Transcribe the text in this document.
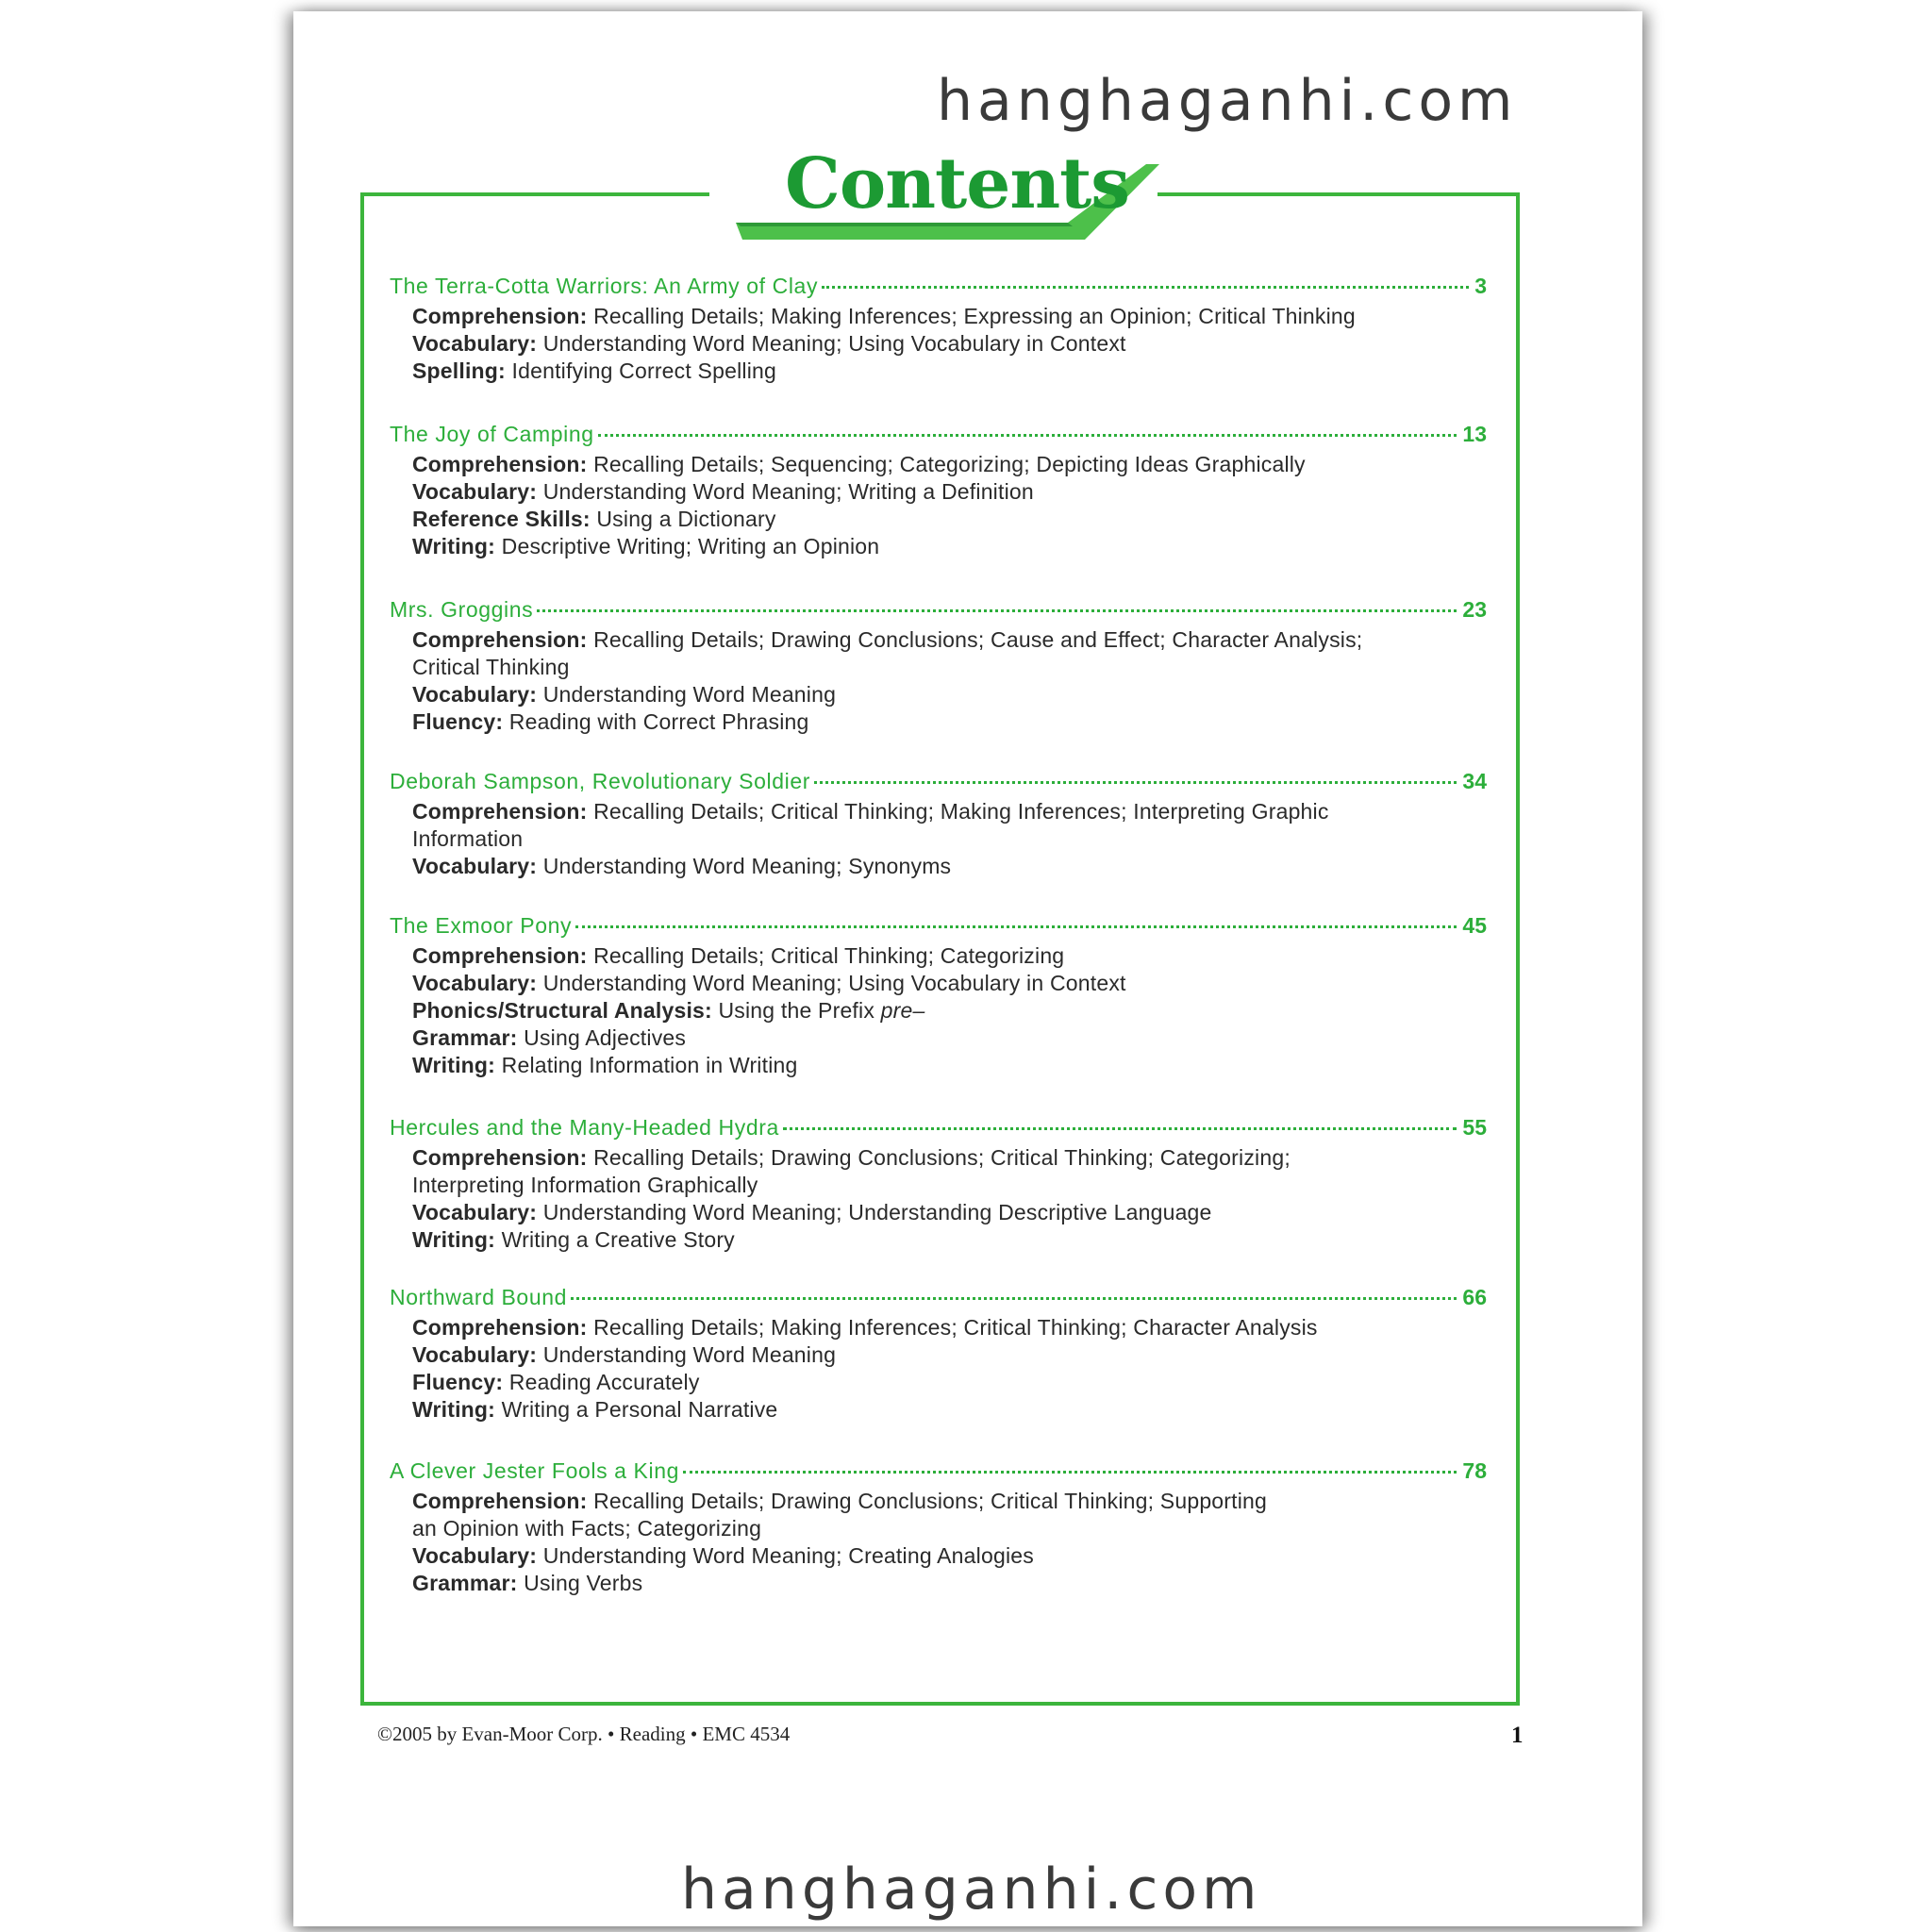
hanghaganhi.com
Contents
The Terra-Cotta Warriors: An Army of Clay	3
Comprehension: Recalling Details; Making Inferences; Expressing an Opinion; Critical Thinking
Vocabulary: Understanding Word Meaning; Using Vocabulary in Context
Spelling: Identifying Correct Spelling
The Joy of Camping	13
Comprehension: Recalling Details; Sequencing; Categorizing; Depicting Ideas Graphically
Vocabulary: Understanding Word Meaning; Writing a Definition
Reference Skills: Using a Dictionary
Writing: Descriptive Writing; Writing an Opinion
Mrs. Groggins	23
Comprehension: Recalling Details; Drawing Conclusions; Cause and Effect; Character Analysis;
Critical Thinking
Vocabulary: Understanding Word Meaning
Fluency: Reading with Correct Phrasing
Deborah Sampson, Revolutionary Soldier	34
Comprehension: Recalling Details; Critical Thinking; Making Inferences; Interpreting Graphic
Information
Vocabulary: Understanding Word Meaning; Synonyms
The Exmoor Pony	45
Comprehension: Recalling Details; Critical Thinking; Categorizing
Vocabulary: Understanding Word Meaning; Using Vocabulary in Context
Phonics/Structural Analysis: Using the Prefix pre–
Grammar: Using Adjectives
Writing: Relating Information in Writing
Hercules and the Many-Headed Hydra	55
Comprehension: Recalling Details; Drawing Conclusions; Critical Thinking; Categorizing;
Interpreting Information Graphically
Vocabulary: Understanding Word Meaning; Understanding Descriptive Language
Writing: Writing a Creative Story
Northward Bound	66
Comprehension: Recalling Details; Making Inferences; Critical Thinking; Character Analysis
Vocabulary: Understanding Word Meaning
Fluency: Reading Accurately
Writing: Writing a Personal Narrative
A Clever Jester Fools a King	78
Comprehension: Recalling Details; Drawing Conclusions; Critical Thinking; Supporting
an Opinion with Facts; Categorizing
Vocabulary: Understanding Word Meaning; Creating Analogies
Grammar: Using Verbs
©2005 by Evan-Moor Corp. • Reading • EMC 4534	1
hanghaganhi.com
